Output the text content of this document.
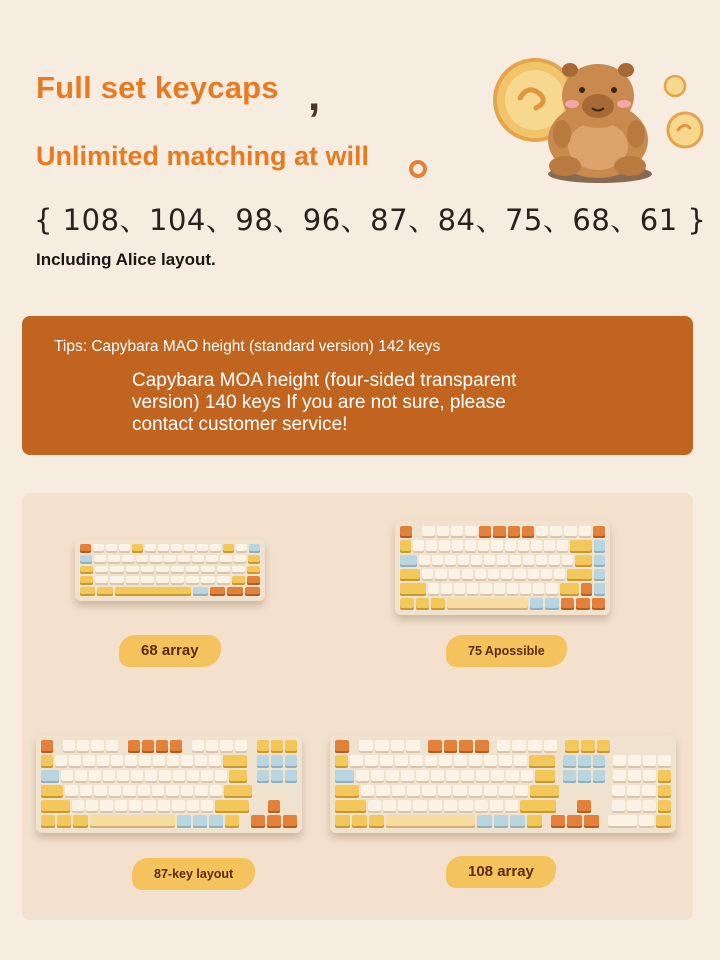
Full set keycaps ,
Unlimited matching at will
{ 108、104、98、96、87、84、75、68、61 }
Including Alice layout.
Tips: Capybara MAO height (standard version) 142 keys
Capybara MOA height (four-sided transparent version) 140 keys If you are not sure, please contact customer service!
68 array	75 Apossible
87-key layout	108 array
